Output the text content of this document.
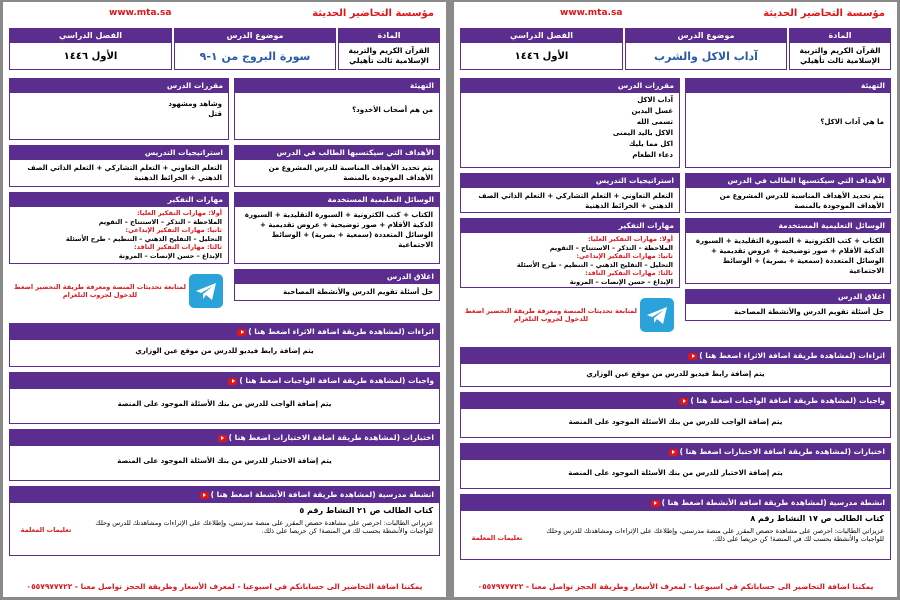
مؤسسة التحاضير الحديثة
www.mta.sa
المادة
القرآن الكريم والتربية الإسلامية ثالث تأهيلي
موضوع الدرس
سورة البروج من ١-٩
الفصل الدراسي
الأول ١٤٤٦
التهيئة
من هم أصحاب الأخدود؟
مقررات الدرس
وشاهد ومشهود
قتل
الأهداف التي سيكتسبها الطالب في الدرس
يتم تحديد الأهداف المناسبة للدرس المشروع من الأهداف الموجودة بالمنصة
استراتيجيات التدريس
التعلم التعاوني + التعلم التشاركي + التعلم الذاتي الصف الذهني + الخرائط الذهنية
الوسائل التعليمية المستخدمة
الكتاب + كتب الكترونية + السبورة التقليدية + السبورة الذكية الأقلام + صور توضيحية + عروض تقديمية + الوسائل المتعددة (سمعية + بصرية) + الوسائط الاجتماعية
اغلاق الدرس
حل أسئلة تقويم الدرس والأنشطة المصاحبة
مهارات التفكير
أولا: مهارات التفكير العليا:
الملاحظة – التذكر – الاستنتاج – التقويم
ثانيا: مهارات التفكير الإبداعي:
التحليل – التقليح الذهني – التنظيم - طرح الأسئلة
ثالثا: مهارات التفكير الناقد:
الإبداع – حسن الإنصات – المرونة
لمتابعة تحديثات المنصة ومعرفة طريقة التحضير اضغط للدخول لجروب التلغرام
اثراءات (لمشاهدة طريقة اضافة الاثراء اضغط هنا )
يتم إضافة رابط فيديو للدرس من موقع عين الوزاري
واجبات (لمشاهدة طريقة اضافة الواجبات اضغط هنا )
يتم إضافة الواجب للدرس من بنك الأسئلة الموجود على المنصة
اختبارات (لمشاهدة طريقة اضافة الاختبارات اضغط هنا )
يتم إضافة الاختبار للدرس من بنك الأسئلة الموجود على المنصة
انشطة مدرسية (لمشاهدة طريقة اضافة الأنشطة اضغط هنا )
كتاب الطالب ص ٢١ النشاط رقم ٥
عزيزاتي الطالبات: احرصن على مشاهدة حصص المقرر على منصة مدرستي، وإطلاعك على الإثراءات ومشاهدتك للدرس وحلك للواجبات والأنشطة بحسب لك في المنصة! كن حريصا على ذلك.
تعليمات المعلمة
يمكننا اضافة التحاضير الى حساباتكم في اسبوعيا - لمعرف الأسعار وطريقة الحجز تواصل معنا - ٠٥٥٧٩٧٧٧٢٢
مؤسسة التحاضير الحديثة
www.mta.sa
المادة
القرآن الكريم والتربية الإسلامية ثالث تأهيلي
موضوع الدرس
آداب الاكل والشرب
الفصل الدراسي
الأول ١٤٤٦
التهيئة
ما هي آداب الاكل؟
مقررات الدرس
آداب الاكل
غسل اليدين
تسمى الله
الاكل باليد اليمنى
اكل مما يليك
دعاء الطعام
الأهداف التي سيكتسبها الطالب في الدرس
يتم تحديد الأهداف المناسبة للدرس المشروع من الأهداف الموجودة بالمنصة
استراتيجيات التدريس
التعلم التعاوني + التعلم التشاركي + التعلم الذاتي الصف الذهني + الخرائط الذهنية
الوسائل التعليمية المستخدمة
الكتاب + كتب الكترونية + السبورة التقليدية + السبورة الذكية الأقلام + صور توضيحية + عروض تقديمية + الوسائل المتعددة (سمعية + بصرية) + الوسائط الاجتماعية
اغلاق الدرس
حل أسئلة تقويم الدرس والأنشطة المصاحبة
مهارات التفكير
أولا: مهارات التفكير العليا:
الملاحظة – التذكر – الاستنتاج – التقويم
ثانيا: مهارات التفكير الإبداعي:
التحليل – التقليح الذهني – التنظيم - طرح الأسئلة
ثالثا: مهارات التفكير الناقد:
الإبداع – حسن الإنصات – المرونة
لمتابعة تحديثات المنصة ومعرفة طريقة التحضير اضغط للدخول لجروب التلغرام
اثراءات (لمشاهدة طريقة اضافة الاثراء اضغط هنا )
يتم إضافة رابط فيديو للدرس من موقع عين الوزاري
واجبات (لمشاهدة طريقة اضافة الواجبات اضغط هنا )
يتم إضافة الواجب للدرس من بنك الأسئلة الموجود على المنصة
اختبارات (لمشاهدة طريقة اضافة الاختبارات اضغط هنا )
يتم إضافة الاختبار للدرس من بنك الأسئلة الموجود على المنصة
انشطة مدرسية (لمشاهدة طريقة اضافة الأنشطة اضغط هنا )
كتاب الطالب ص ١٧ النشاط رقم ٨
عزيزاتي الطالبات: احرصن على مشاهدة حصص المقرر على منصة مدرستي، وإطلاعك على الإثراءات ومشاهدتك للدرس وحلك للواجبات والأنشطة بحسب لك في المنصة! كن حريصا على ذلك.
تعليمات المعلمة
يمكننا اضافة التحاضير الى حساباتكم في اسبوعيا - لمعرف الأسعار وطريقة الحجز تواصل معنا - ٠٥٥٧٩٧٧٧٢٢
